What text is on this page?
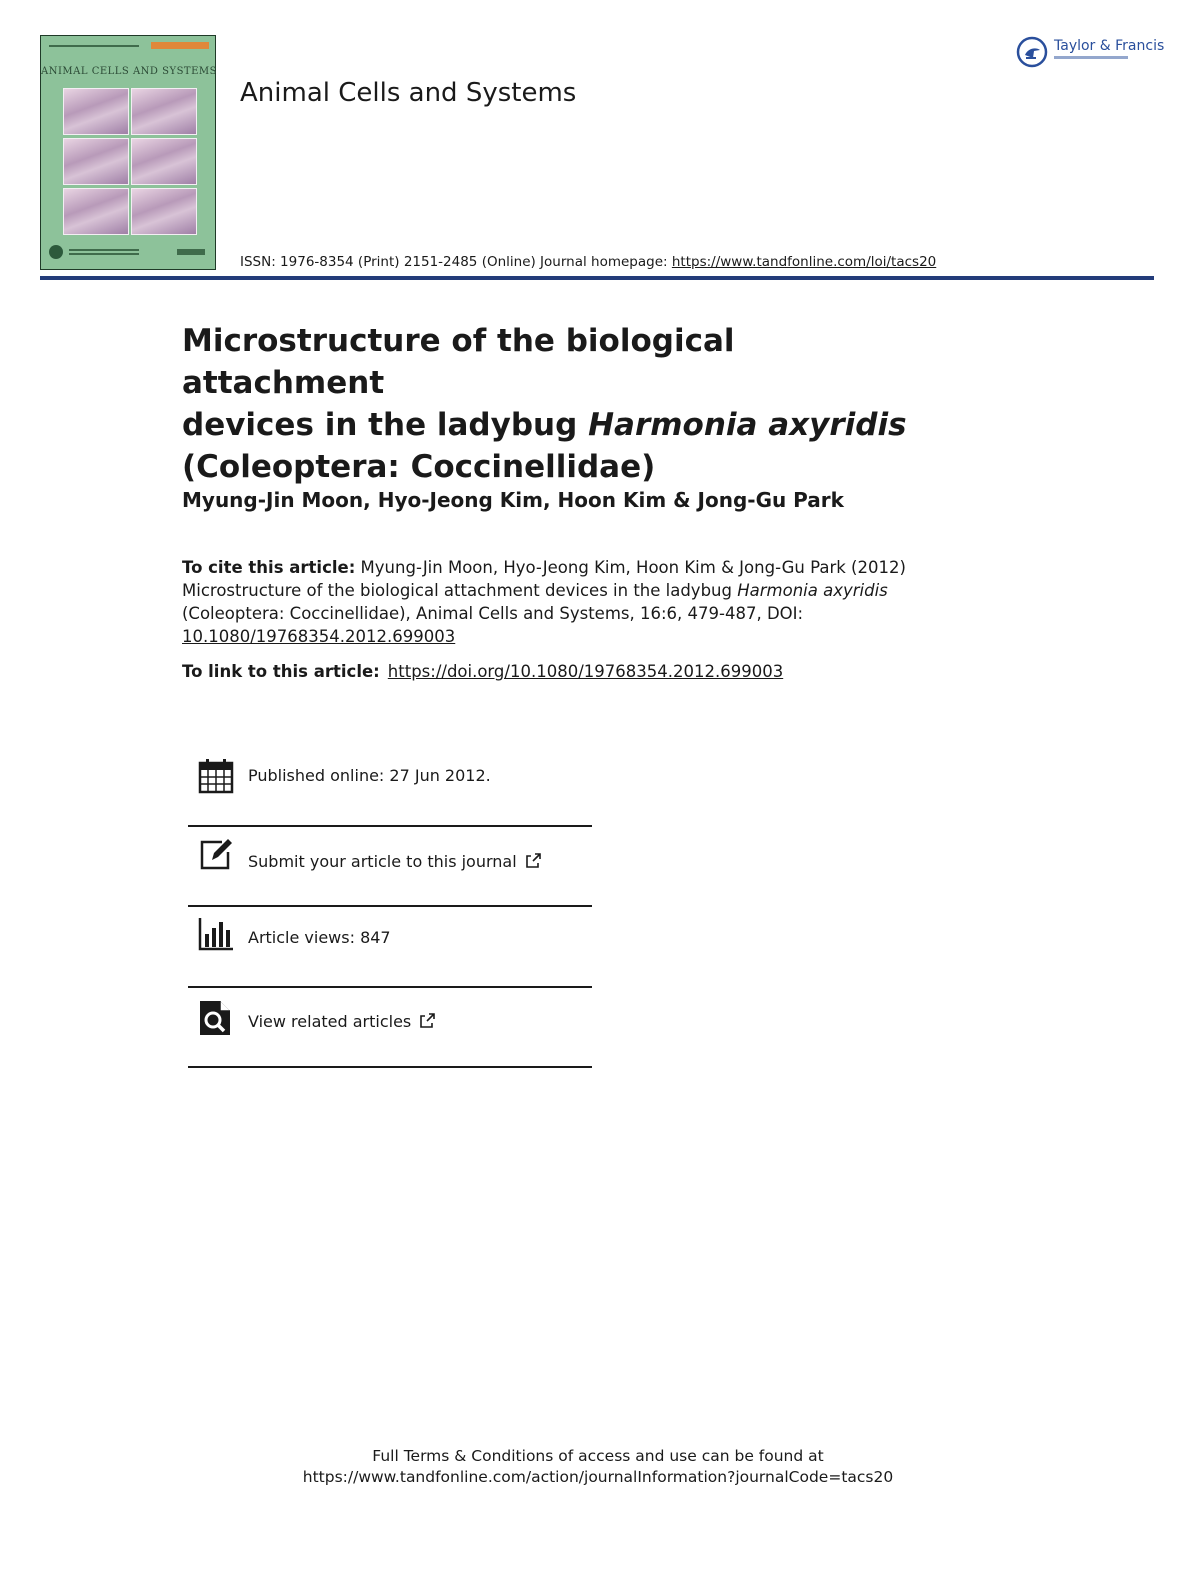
ANIMAL CELLS AND SYSTEMS
Animal Cells and Systems
ISSN: 1976-8354 (Print) 2151-2485 (Online) Journal homepage: https://www.tandfonline.com/loi/tacs20
Taylor & Francis
Microstructure of the biological attachment
devices in the ladybug Harmonia axyridis
(Coleoptera: Coccinellidae)
Myung-Jin Moon, Hyo-Jeong Kim, Hoon Kim & Jong-Gu Park
To cite this article: Myung-Jin Moon, Hyo-Jeong Kim, Hoon Kim & Jong-Gu Park (2012) Microstructure of the biological attachment devices in the ladybug Harmonia axyridis (Coleoptera: Coccinellidae), Animal Cells and Systems, 16:6, 479-487, DOI: 10.1080/19768354.2012.699003
To link to this article: https://doi.org/10.1080/19768354.2012.699003
Published online: 27 Jun 2012.
Submit your article to this journal
Article views: 847
View related articles
Full Terms & Conditions of access and use can be found at
https://www.tandfonline.com/action/journalInformation?journalCode=tacs20
